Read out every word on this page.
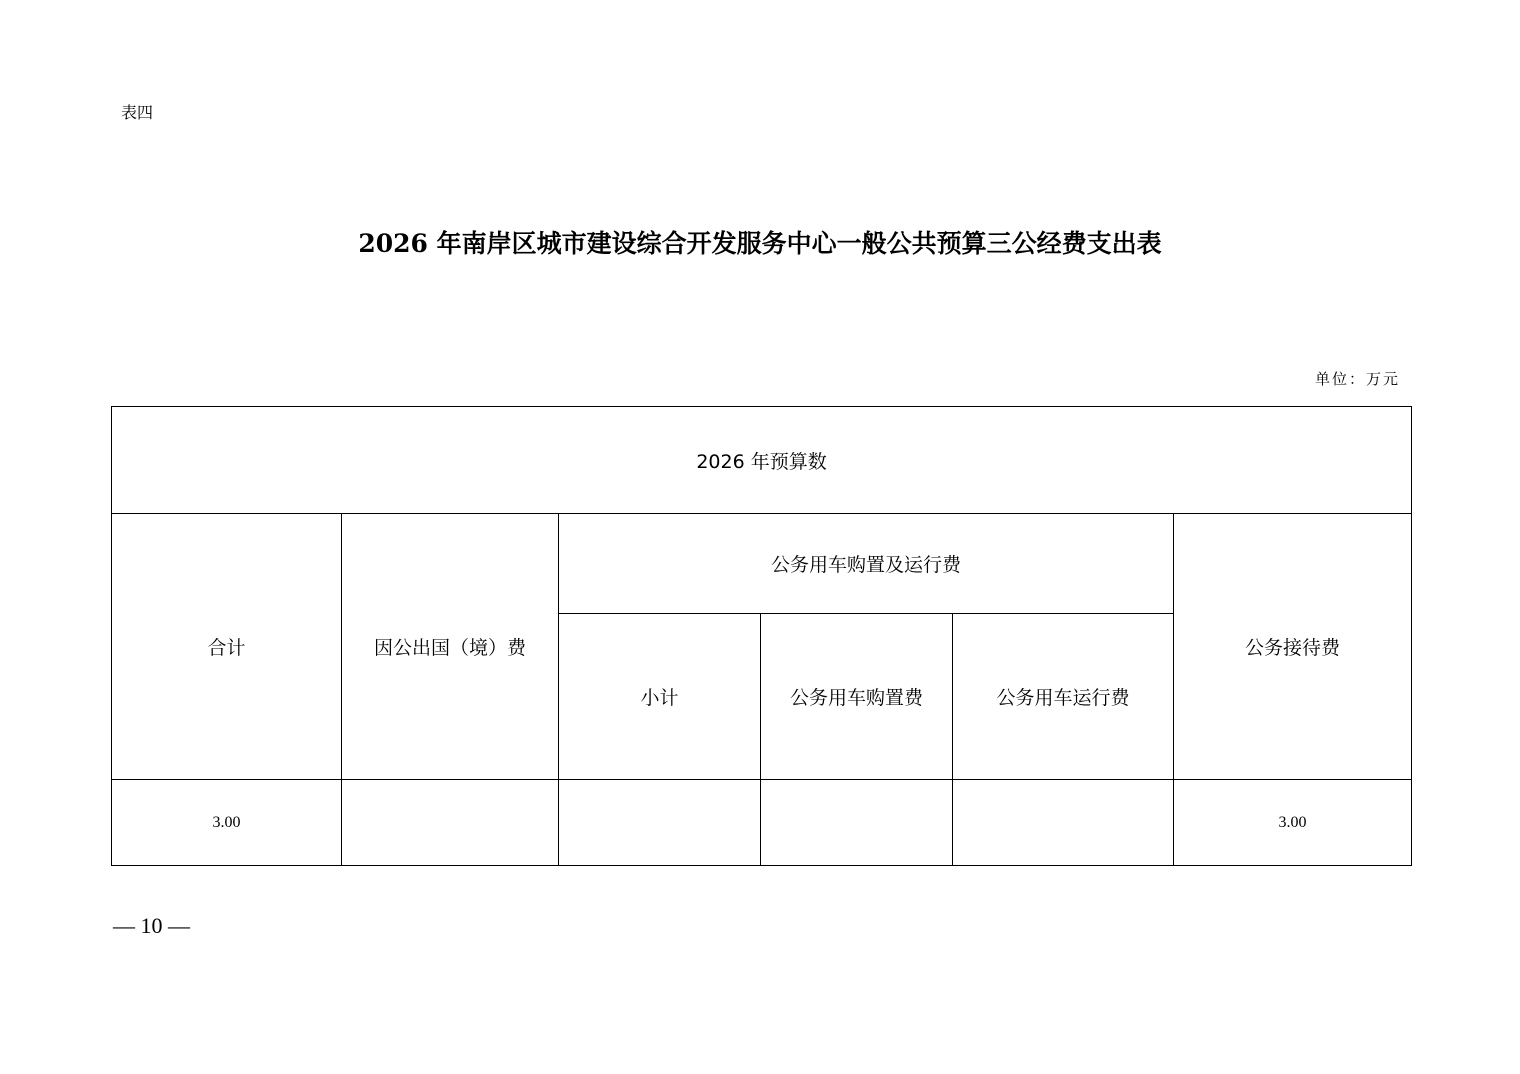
表四
2026 年南岸区城市建设综合开发服务中心一般公共预算三公经费支出表
单位：万元
2026 年预算数					
合计	因公出国（境）费	公务用车购置及运行费			公务接待费
		小计	公务用车购置费	公务用车运行费	
3.00					3.00
— 10 —
